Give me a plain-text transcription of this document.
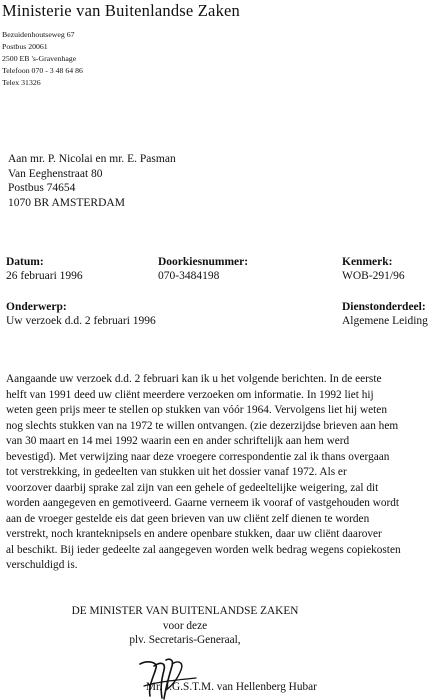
Ministerie van Buitenlandse Zaken
Bezuidenhoutseweg 67
Postbus 20061
2500 EB 's-Gravenhage
Telefoon 070 - 3 48 64 86
Telex 31326
Aan mr. P. Nicolai en mr. E. Pasman
Van Eeghenstraat 80
Postbus 74654
1070 BR AMSTERDAM
Datum:
26 februari 1996
Doorkiesnummer:
070-3484198
Kenmerk:
WOB-291/96
Onderwerp:
Uw verzoek d.d. 2 februari 1996
Dienstonderdeel:
Algemene Leiding
Aangaande uw verzoek d.d. 2 februari kan ik u het volgende berichten. In de eerste
helft van 1991 deed uw cliënt meerdere verzoeken om informatie. In 1992 liet hij
weten geen prijs meer te stellen op stukken van vóór 1964. Vervolgens liet hij weten
nog slechts stukken van na 1972 te willen ontvangen. (zie dezerzijdse brieven aan hem
van 30 maart en 14 mei 1992 waarin een en ander schriftelijk aan hem werd
bevestigd). Met verwijzing naar deze vroegere correspondentie zal ik thans overgaan
tot verstrekking, in gedeelten van stukken uit het dossier vanaf 1972. Als er
voorzover daarbij sprake zal zijn van een gehele of gedeeltelijke weigering, zal dit
worden aangegeven en gemotiveerd. Gaarne verneem ik vooraf of vastgehouden wordt
aan de vroeger gestelde eis dat geen brieven van uw cliënt zelf dienen te worden
verstrekt, noch kranteknipsels en andere openbare stukken, daar uw cliënt daarover
al beschikt. Bij ieder gedeelte zal aangegeven worden welk bedrag wegens copiekosten
verschuldigd is.
DE MINISTER VAN BUITENLANDSE ZAKEN
voor deze
plv. Secretaris-Generaal,
Mr. J.G.S.T.M. van Hellenberg Hubar
